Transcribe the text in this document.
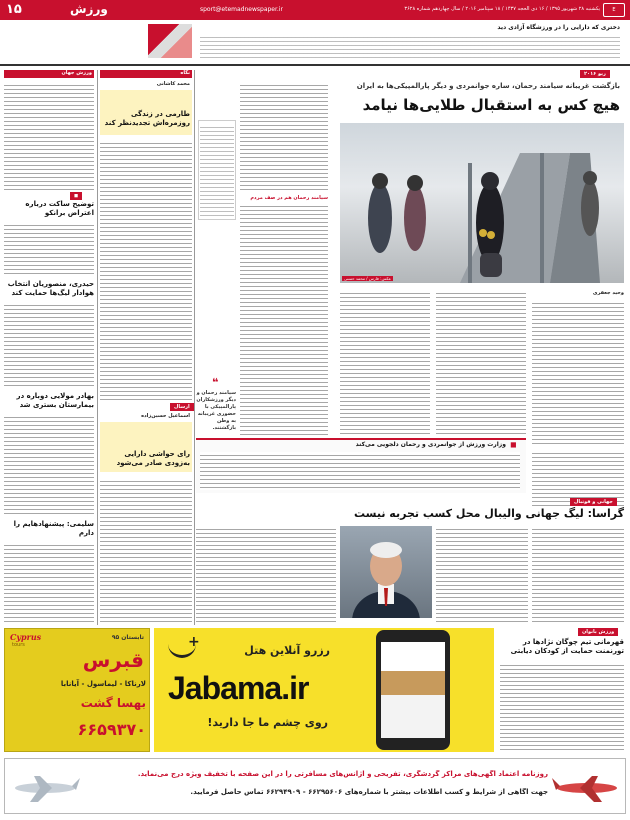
۱۵	ورزش	sport@etemadnewspaper.ir	یکشنبه ۲۸ شهریور ۱۳۹۵ / ۱۶ ذی الحجه ۱۴۳۷ / ۱۸ سپتامبر ۲۰۱۶ / سال چهاردهم شماره ۳۶۲۸	E
دختری که دارایی را در ورزشگاه آزادی دید
ریو ۲۰۱۶
بازگشت غریبانه سیامند رحمان، ساره جوانمردی و دیگر پارالمپیکی‌ها به ایران
هیچ کس به استقبال طلایی‌ها نیامد
عکس: فارس / محمد حسنی
سیامند رحمان هم در صف مردم
وحید جعفری
❝
سیامند رحمان و دیگر ورزشکاران پارالمپیکی با حضوری غریبانه به وطن بازگشتند.
◼
وزارت ورزش از جوانمردی و رحمان دلجویی می‌کند
ورزش جهان
◼
توضیح ساکت درباره اعتراض برانکو
حیدری، منصوریان انتخاب هوادار لیگ‌ها حمایت کند
بهادر مولایی دوباره در بیمارستان بستری شد
سلیمی: پیشنهادهایم را دارم
نگاه
محمد کاشانی
طارمی در زندگی روزمره‌اش تجدیدنظر کند
ارسال
اسماعیل حسین‌زاده
رای حواشی دارایی به‌زودی صادر می‌شود
جهانی و فوتبال
گراسا: لیگ جهانی والیبال محل کسب تجربه نیست
ورزش بانوان
قهرمانی تیم چوگان نژادها در تورنمنت حمایت از کودکان دیابتی
Cyprus
tours
تابستان ۹۵
قبرس
لارناکا - لیماسول - آیانابا
بهسا گشت
۶۶۵۹۳۷۰
+
رزرو آنلاین هتل
Jabama.ir
روی چشم ما جا دارید!
روزنامه اعتماد آگهی‌های مراکز گردشگری، تفریحی و آژانس‌های مسافرتی را در این صفحه با تخفیف ویژه درج می‌نماید.
جهت آگاهی از شرایط و کسب اطلاعات بیشتر با شماره‌های ۶۶۲۹۵۶۰۶ - ۶۶۲۹۴۹۰۹ تماس حاصل فرمایید.
